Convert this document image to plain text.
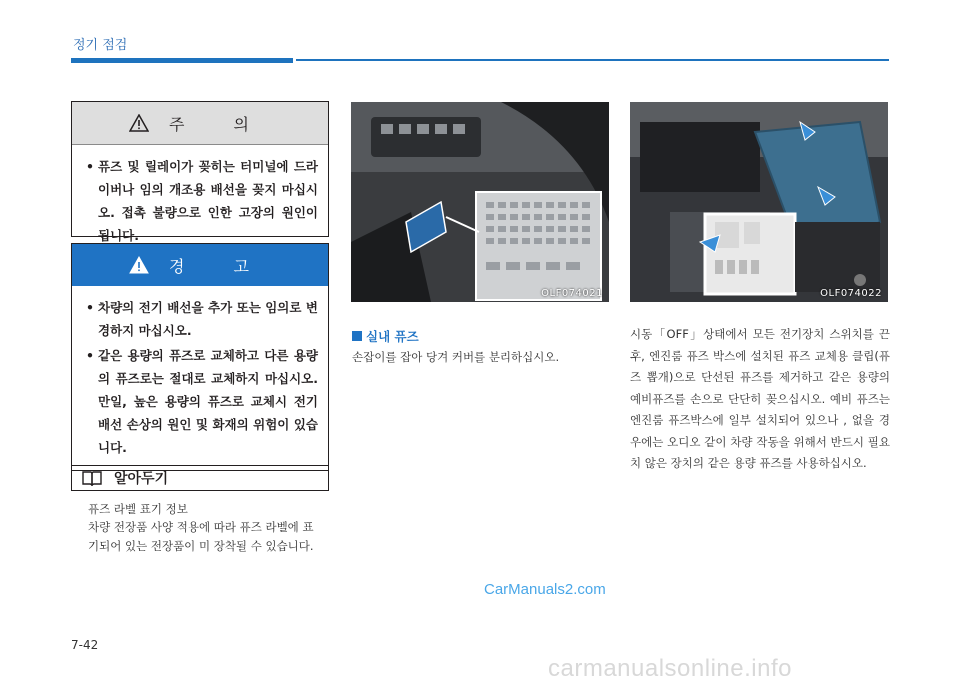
정기 점검
주 의
• 퓨즈 및 릴레이가 꽂히는 터미널에 드라이버나 임의 개조용 배선을 꽂지 마십시오. 접촉 불량으로 인한 고장의 원인이 됩니다.
경 고
• 차량의 전기 배선을 추가 또는 임의로 변경하지 마십시오.
• 같은 용량의 퓨즈로 교체하고 다른 용량의 퓨즈로는 절대로 교체하지 마십시오. 만일, 높은 용량의 퓨즈로 교체시 전기 배선 손상의 원인 및 화재의 위험이 있습니다.
알아두기
퓨즈 라벨 표기 정보
차량 전장품 사양 적용에 따라 퓨즈 라벨에 표기되어 있는 전장품이 미 장착될 수 있습니다.
OLF074021	OLF074022
실내 퓨즈
손잡이를 잡아 당겨 커버를 분리하십시오.
시동「OFF」상태에서 모든 전기장치 스위치를 끈 후, 엔진룸 퓨즈 박스에 설치된 퓨즈 교체용 클립(퓨즈 뽑개)으로 단선된 퓨즈를 제거하고 같은 용량의 예비퓨즈를 손으로 단단히 꽂으십시오. 예비 퓨즈는 엔진룸 퓨즈박스에 일부 설치되어 있으나 , 없을 경우에는 오디오 같이 차량 작동을 위해서 반드시 필요치 않은 장치의 같은 용량 퓨즈를 사용하십시오.
CarManuals2.com
carmanualsonline.info
7-42
